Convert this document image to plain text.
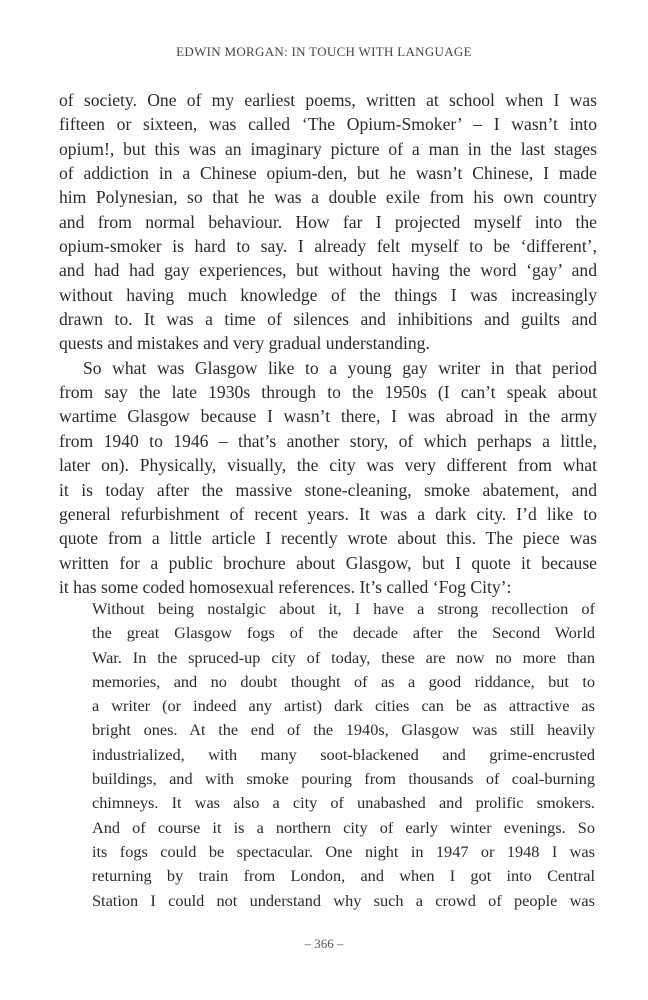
EDWIN MORGAN: IN TOUCH WITH LANGUAGE

of society. One of my earliest poems, written at school when I was
fifteen or sixteen, was called ‘The Opium-Smoker’ – I wasn’t into
opium!, but this was an imaginary picture of a man in the last stages
of addiction in a Chinese opium-den, but he wasn’t Chinese, I made
him Polynesian, so that he was a double exile from his own country
and from normal behaviour. How far I projected myself into the
opium-smoker is hard to say. I already felt myself to be ‘different’,
and had had gay experiences, but without having the word ‘gay’ and
without having much knowledge of the things I was increasingly
drawn to. It was a time of silences and inhibitions and guilts and
quests and mistakes and very gradual understanding.

So what was Glasgow like to a young gay writer in that period
from say the late 1930s through to the 1950s (I can’t speak about
wartime Glasgow because I wasn’t there, I was abroad in the army
from 1940 to 1946 – that’s another story, of which perhaps a little,
later on). Physically, visually, the city was very different from what
it is today after the massive stone-cleaning, smoke abatement, and
general refurbishment of recent years. It was a dark city. I’d like to
quote from a little article I recently wrote about this. The piece was
written for a public brochure about Glasgow, but I quote it because
it has some coded homosexual references. It’s called ‘Fog City’:

Without being nostalgic about it, I have a strong recollection of
the great Glasgow fogs of the decade after the Second World
War. In the spruced-up city of today, these are now no more than
memories, and no doubt thought of as a good riddance, but to
a writer (or indeed any artist) dark cities can be as attractive as
bright ones. At the end of the 1940s, Glasgow was still heavily
industrialized, with many soot-blackened and grime-encrusted
buildings, and with smoke pouring from thousands of coal-burning
chimneys. It was also a city of unabashed and prolific smokers.
And of course it is a northern city of early winter evenings. So
its fogs could be spectacular. One night in 1947 or 1948 I was
returning by train from London, and when I got into Central
Station I could not understand why such a crowd of people was
– 366 –
